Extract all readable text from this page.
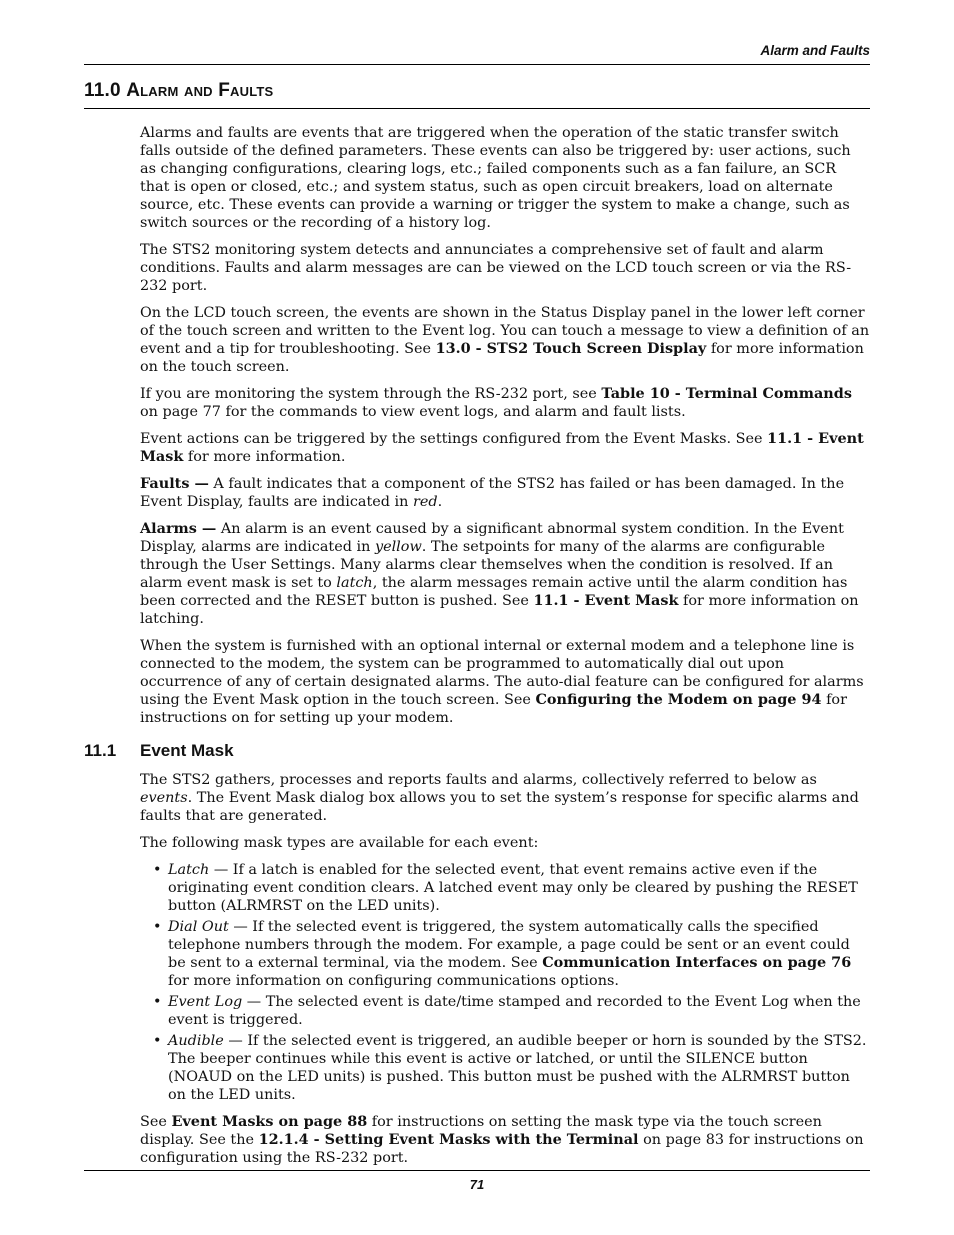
Alarm and Faults
11.0 Alarm and Faults

Alarms and faults are events that are triggered when the operation of the static transfer switch falls outside of the defined parameters. These events can also be triggered by: user actions, such as changing configurations, clearing logs, etc.; failed components such as a fan failure, an SCR that is open or closed, etc.; and system status, such as open circuit breakers, load on alternate source, etc. These events can provide a warning or trigger the system to make a change, such as switch sources or the recording of a history log.

The STS2 monitoring system detects and annunciates a comprehensive set of fault and alarm conditions. Faults and alarm messages are can be viewed on the LCD touch screen or via the RS-232 port.

On the LCD touch screen, the events are shown in the Status Display panel in the lower left corner of the touch screen and written to the Event log. You can touch a message to view a definition of an event and a tip for troubleshooting. See 13.0 - STS2 Touch Screen Display for more information on the touch screen.

If you are monitoring the system through the RS-232 port, see Table 10 - Terminal Commands on page 77 for the commands to view event logs, and alarm and fault lists.

Event actions can be triggered by the settings configured from the Event Masks. See 11.1 - Event Mask for more information.

Faults — A fault indicates that a component of the STS2 has failed or has been damaged. In the Event Display, faults are indicated in red.

Alarms — An alarm is an event caused by a significant abnormal system condition. In the Event Display, alarms are indicated in yellow. The setpoints for many of the alarms are configurable through the User Settings. Many alarms clear themselves when the condition is resolved. If an alarm event mask is set to latch, the alarm messages remain active until the alarm condition has been corrected and the RESET button is pushed. See 11.1 - Event Mask for more information on latching.

When the system is furnished with an optional internal or external modem and a telephone line is connected to the modem, the system can be programmed to automatically dial out upon occurrence of any of certain designated alarms. The auto-dial feature can be configured for alarms using the Event Mask option in the touch screen. See Configuring the Modem on page 94 for instructions on for setting up your modem.

11.1 Event Mask

The STS2 gathers, processes and reports faults and alarms, collectively referred to below as events. The Event Mask dialog box allows you to set the system’s response for specific alarms and faults that are generated.

The following mask types are available for each event:

• Latch — If a latch is enabled for the selected event, that event remains active even if the originating event condition clears. A latched event may only be cleared by pushing the RESET button (ALRMRST on the LED units).
• Dial Out — If the selected event is triggered, the system automatically calls the specified telephone numbers through the modem. For example, a page could be sent or an event could be sent to a external terminal, via the modem. See Communication Interfaces on page 76 for more information on configuring communications options.
• Event Log — The selected event is date/time stamped and recorded to the Event Log when the event is triggered.
• Audible — If the selected event is triggered, an audible beeper or horn is sounded by the STS2. The beeper continues while this event is active or latched, or until the SILENCE button (NOAUD on the LED units) is pushed. This button must be pushed with the ALRMRST button on the LED units.

See Event Masks on page 88 for instructions on setting the mask type via the touch screen display. See the 12.1.4 - Setting Event Masks with the Terminal on page 83 for instructions on configuration using the RS-232 port.

71
